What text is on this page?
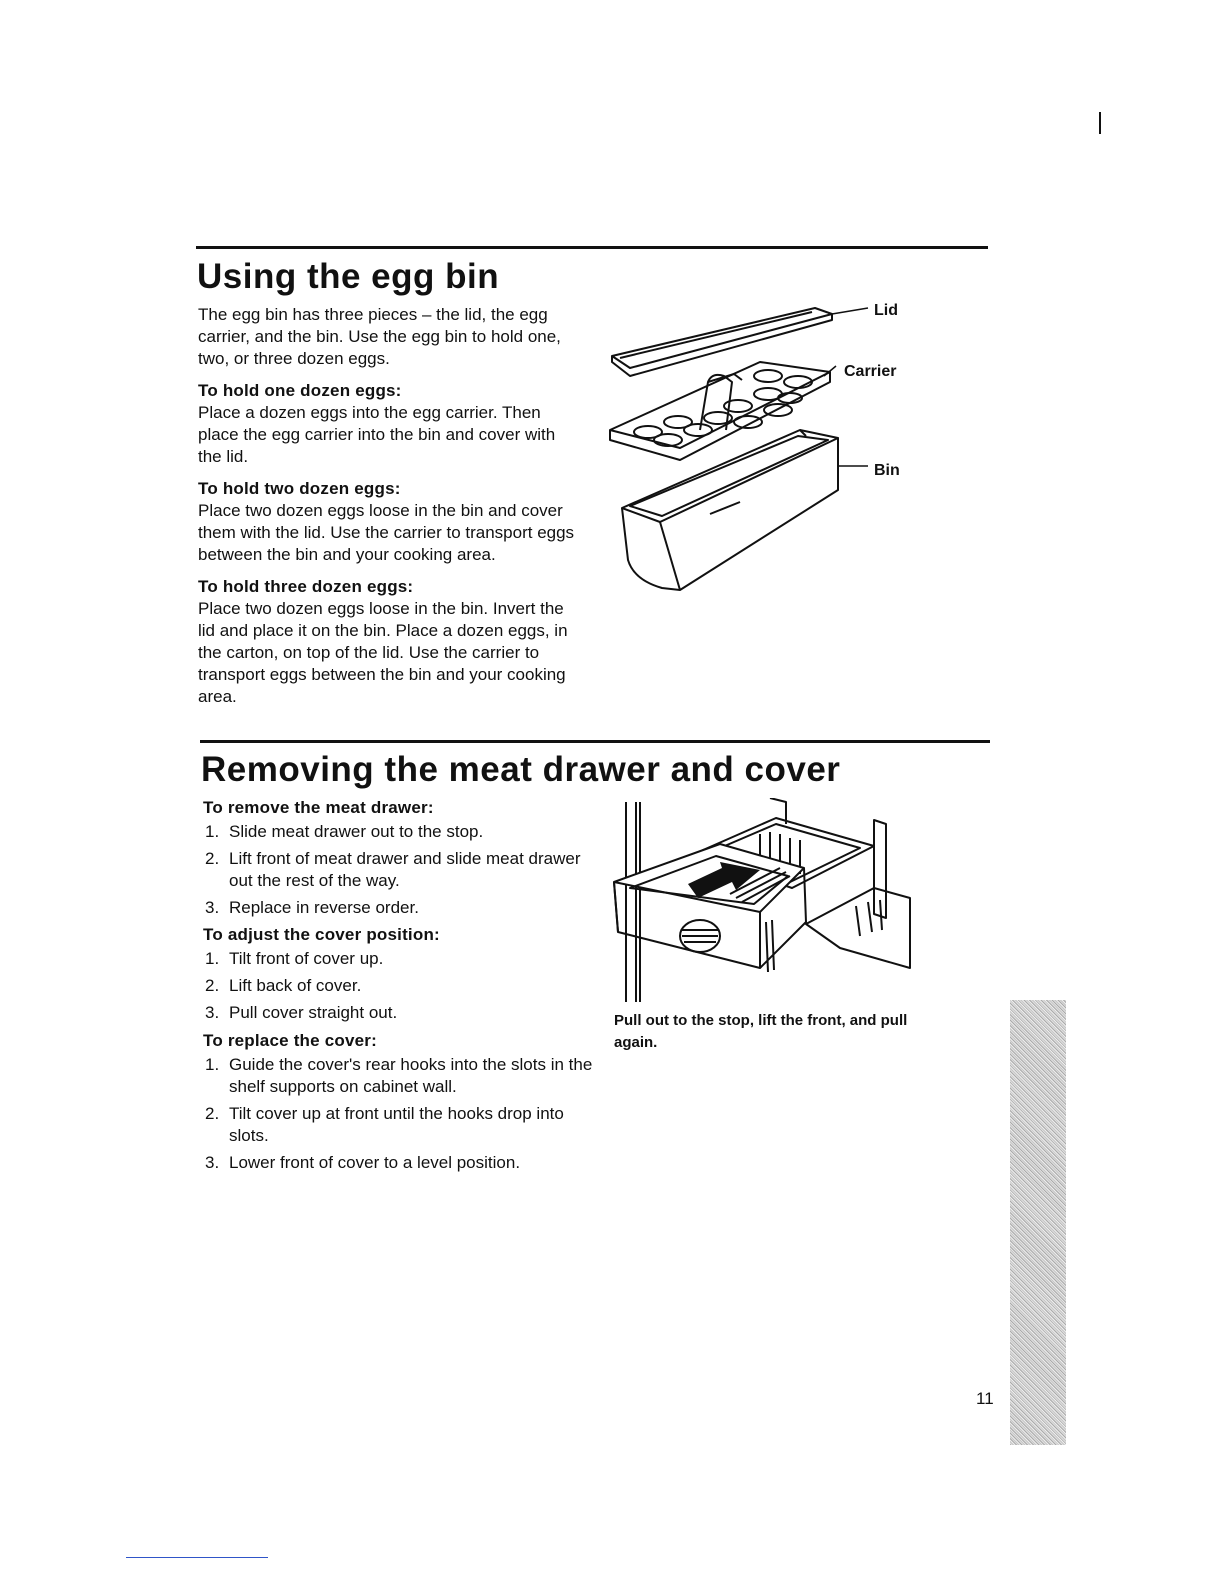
Using the egg bin

The egg bin has three pieces – the lid, the egg carrier, and the bin. Use the egg bin to hold one, two, or three dozen eggs.

To hold one dozen eggs:

Place a dozen eggs into the egg carrier. Then place the egg carrier into the bin and cover with the lid.

To hold two dozen eggs:

Place two dozen eggs loose in the bin and cover them with the lid. Use the carrier to transport eggs between the bin and your cooking area.

To hold three dozen eggs:

Place two dozen eggs loose in the bin. Invert the lid and place it on the bin. Place a dozen eggs, in the carton, on top of the lid. Use the carrier to transport eggs between the bin and your cooking area.

Lid
Carrier
Bin
Removing the meat drawer and cover
To remove the meat drawer:
1. Slide meat drawer out to the stop.
2. Lift front of meat drawer and slide meat drawer out the rest of the way.
3. Replace in reverse order.
To adjust the cover position:
1. Tilt front of cover up.
2. Lift back of cover.
3. Pull cover straight out.
To replace the cover:
1. Guide the cover's rear hooks into the slots in the shelf supports on cabinet wall.
2. Tilt cover up at front until the hooks drop into slots.
3. Lower front of cover to a level position.
Pull out to the stop, lift the front, and pull again.
11
